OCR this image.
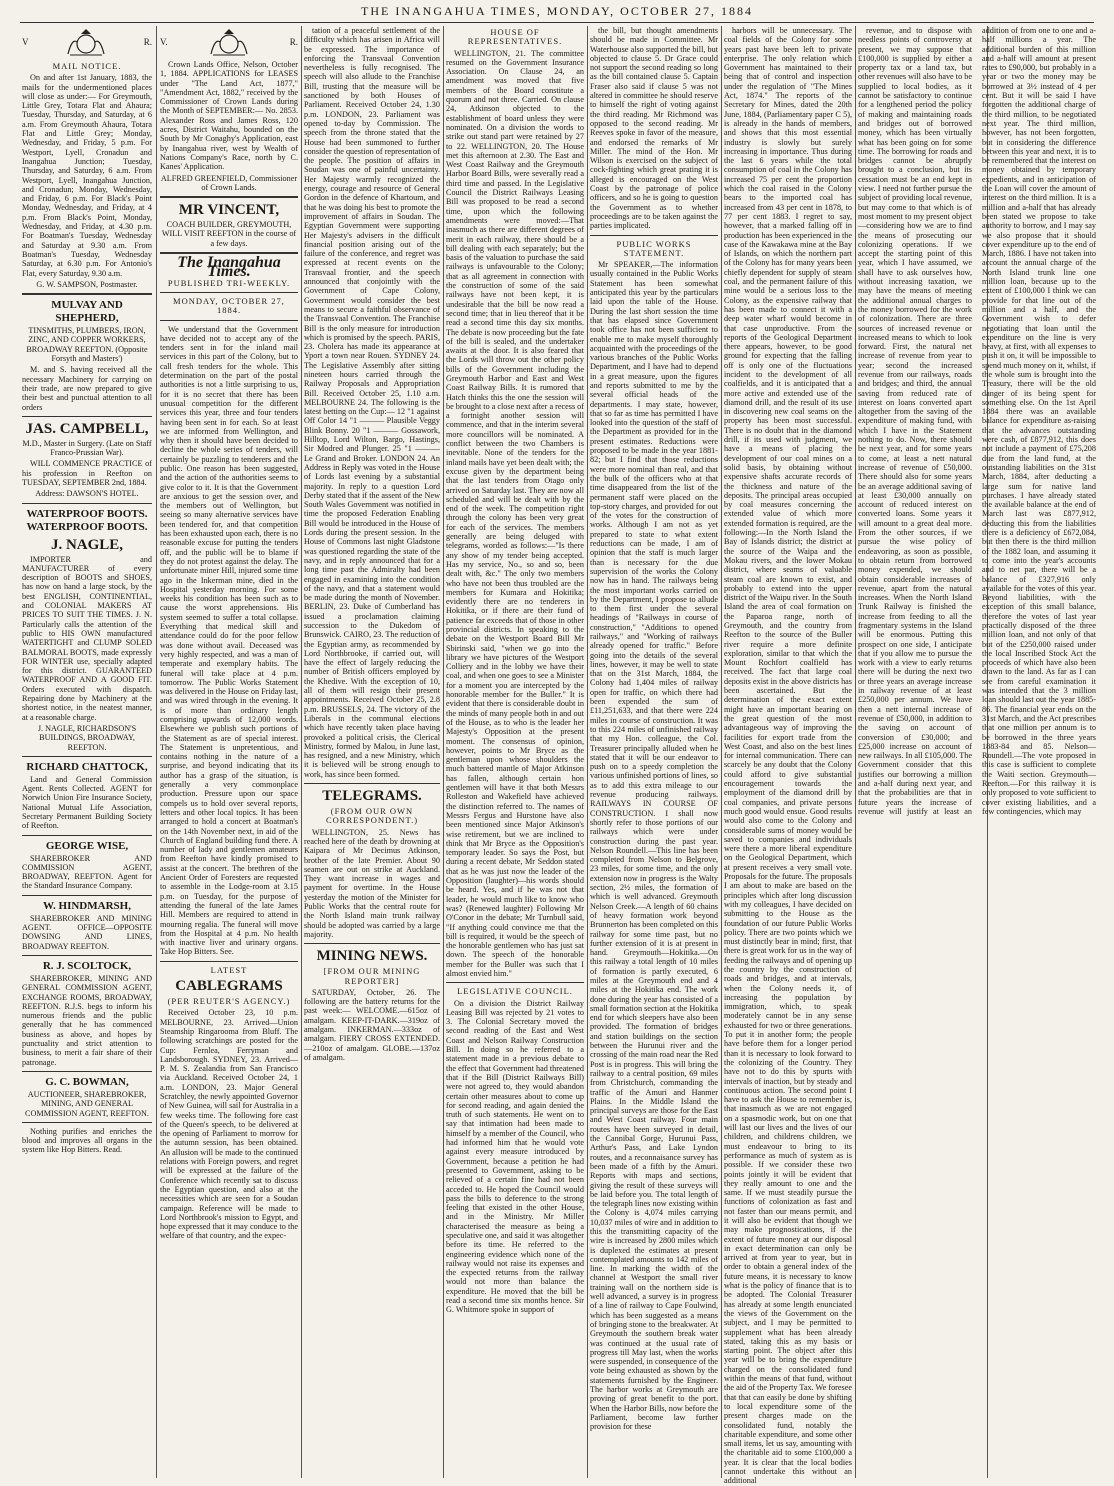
THE INANGAHUA TIMES, MONDAY, OCTOBER 27, 1884
V	R.
MAIL NOTICE.

On and after 1st January, 1883, the mails for the undermentioned places will close as under:— For Greymouth, Little Grey, Totara Flat and Ahaura; Tuesday, Thursday, and Saturday, at 6 a.m. From Greymouth Ahaura, Totara Flat and Little Grey; Monday, Wednesday, and Friday, 5 p.m. For Westport, Lyell, Cronadun and Inangahua Junction; Tuesday, Thursday, and Saturday, 6 a.m. From Westport, Lyell, Inangahua Junction, and Cronadun; Monday, Wednesday, and Friday, 6 p.m. For Black's Point Monday, Wednesday, and Friday, at 4 p.m. From Black's Point, Monday, Wednesday, and Friday, at 4.30 p.m. For Boatman's Tuesday, Wednesday and Saturday at 9.30 a.m. From Boatman's Tuesday, Wednesday Saturday, at 6.30 p.m. For Antonio's Flat, every Saturday, 9.30 a.m.

G. W. SAMPSON, Postmaster.

MULVAY AND SHEPHERD,

TINSMITHS, PLUMBERS, IRON, ZINC, AND COPPER WORKERS, BROADWAY REEFTON. (Opposite Forsyth and Masters')

M. and S. having received all the necessary Machinery for carrying on their trade, are now prepared to give their best and punctual attention to all orders

JAS. CAMPBELL,

M.D., Master in Surgery. (Late on Staff Franco-Prussian War).

WILL COMMENCE PRACTICE of his profession in Reefton on TUESDAY, SEPTEMBER 2nd, 1884.

Address: DAWSON'S HOTEL.

WATERPROOF BOOTS. WATERPROOF BOOTS.
J. NAGLE,

IMPORTER and MANUFACTURER of every description of BOOTS and SHOES, has now on hand a large stock, by the best ENGLISH, CONTINENTIAL, and COLONIAL MAKERS AT PRICES TO SUIT THE TIMES. J. N. Particularly calls the attention of the public to HIS OWN manufactured WATERTIGHT and CLUMP SOLED BALMORAL BOOTS, made expressly FOR WINTER use, specially adapted for this district. GUARANTEED WATERPROOF AND A GOOD FIT. Orders executed with dispatch. Repairing done by Machinery at the shortest notice, in the neatest manner, at a reasonable charge.

J. NAGLE, RICHARDSON'S BUILDINGS, BROADWAY, REEFTON.

RICHARD CHATTOCK,

Land and General Commission Agent. Rents Collected. AGENT for Norwich Union Fire Insurance Society, National Mutual Life Association, Secretary Permanent Building Society of Reefton.

GEORGE WISE,

SHAREBROKER AND COMMISSION AGENT, BROADWAY, REEFTON. Agent for the Standard Insurance Company.

W. HINDMARSH,

SHAREBROKER AND MINING AGENT. OFFICE—OPPOSITE DOWSING AND LINES, BROADWAY REEFTON.

R. J. SCOLTOCK,

SHAREBROKER, MINING AND GENERAL COMMISSION AGENT, EXCHANGE ROOMS, BROADWAY, REEFTON. R.J.S. begs to inform his numerous friends and the public generally that he has commenced business as above, and hopes by punctuality and strict attention to business, to merit a fair share of their patronage.

G. C. BOWMAN,

AUCTIONEER, SHAREBROKER, MINING, AND GENERAL COMMISSION AGENT, REEFTON.

Nothing purifies and enriches the blood and improves all organs in the system like Hop Bitters. Read.

V.	R.

Crown Lands Office, Nelson, October 1, 1884. APPLICATIONS for LEASES under "The Land Act, 1877," "Amendment Act, 1882," received by the Commissioner of Crown Lands during the Month of SEPTEMBER:— No. 2853. Alexander Ross and James Ross, 120 acres, District Waitahu, bounded on the South by Mr Conaghy's Application, east by Inangahua river, west by Wealth of Nations Company's Race, north by C. Kanes' Application.

ALFRED GREENFIELD, Commissioner of Crown Lands.

MR VINCENT,

COACH BUILDER, GREYMOUTH, WILL VISIT REEFTON in the course of a few days.

The Inangahua Times.
PUBLISHED TRI-WEEKLY.
MONDAY, OCTOBER 27, 1884.

We understand that the Government have decided not to accept any of the tenders sent in for the inland mail services in this part of the Colony, but to call fresh tenders for the whole. This determination on the part of the postal authorities is not a little surprising to us, for it is no secret that there has been unusual competition for the different services this year, three and four tenders having been sent in for each. So at least we are informed from Wellington, and why then it should have been decided to decline the whole series of tenders, will certainly be puzzling to tenderers and the public. One reason has been suggested, and the action of the authorities seems to give color to it. It is that the Government are anxious to get the session over, and the members out of Wellington, but seeing so many alternative services have been tendered for, and that competition has been exhausted upon each, there is no reasonable excuse for putting the tenders off, and the public will be to blame if they do not protest against the delay. The unfortunate miner Hill, injured some time ago in the Inkerman mine, died in the Hospital yesterday morning. For some weeks his condition has been such as to cause the worst apprehensions. His system seemed to suffer a total collapse. Everything that medical skill and attendance could do for the poor fellow was done without avail. Deceased was very highly respected, and was a man of temperate and exemplary habits. The funeral will take place at 4 p.m. tomorrow. The Public Works Statement was delivered in the House on Friday last, and was wired through in the evening. It is of more than ordinary length comprising upwards of 12,000 words. Elsewhere we publish such portions of the Statement as are of special interest. The Statement is unpretentious, and contains nothing in the nature of a surprise, and beyond indicating that its author has a grasp of the situation, is generally a very commonplace production. Pressure upon our space compels us to hold over several reports, letters and other local topics. It has been arranged to hold a concert at Boatman's on the 14th November next, in aid of the Church of England building fund there. A number of lady and gentlemen amateurs from Reefton have kindly promised to assist at the concert. The brethren of the Ancient Order of Foresters are requested to assemble in the Lodge-room at 3.15 p.m. on Tuesday, for the purpose of attending the funeral of the late James Hill. Members are required to attend in mourning regalia. The funeral will move from the Hospital at 4 p.m. No health with inactive liver and urinary organs. Take Hop Bitters. See.

LATEST
CABLEGRAMS
(PER REUTER'S AGENCY.)

Received October 23, 10 p.m. MELBOURNE, 23. Arrived—Union Steamship Ringarooma from Bluff. The following scratchings are posted for the Cup: Fernlea, Ferryman and Landsborough. SYDNEY, 23. Arrived—P. M. S. Zealandia from San Francisco via Auckland. Received October 24, 1 a.m. LONDON, 23. Major General Scratchley, the newly appointed Governor of New Guinea, will sail for Australia in a few weeks time. The following fore cast of the Queen's speech, to be delivered at the opening of Parliament to morrow for the autumn session, has been obtained. An allusion will be made to the continued relations with Foreign powers, and regret will be expressed at the failure of the Conference which recently sat to discuss the Egyptian question, and also at the necessities which are seen for a Soudan campaign. Reference will be made to Lord Northbrook's mission to Egypt, and hope expressed that it may conduce to the welfare of that country, and the expec-

tation of a peaceful settlement of the difficulty which has arisen in Africa will be expressed. The importance of enforcing the Transvaal Convention nevertheless is fully recognised. The speech will also allude to the Franchise Bill, trusting that the measure will be sanctioned by both Houses of Parliament. Received October 24, 1.30 p.m. LONDON, 23. Parliament was opened to-day by Commission. The speech from the throne stated that the House had been summoned to further consider the question of representation of the people. The position of affairs in Soudan was one of painful uncertainty. Her Majesty warmly recognized the energy, courage and resource of General Gordon in the defence of Khartoum, and that he was doing his best to promote the improvement of affairs in Soudan. The Egyptian Government were supporting Her Majesty's advisers in the difficult financial position arising out of the failure of the conference, and regret was expressed at recent events on the Transvaal frontier, and the speech announced that conjointly with the Government of Cape Colony, Government would consider the best means to secure a faithful observance of the Transvaal Convention. The Franchise Bill is the only measure for introduction which is promised by the speech. PARIS, 23. Cholera has made its appearance at Yport a town near Rouen. SYDNEY 24. The Legislative Assembly after sitting nineteen hours carried through the Railway Proposals and Appropriation Bill. Received October 25, 1.10 a.m. MELBOURNE 24. The following is the latest betting on the Cup:— 12 "1 against Off Color 14 "1 ——— Plausible Veggy Blink Bonny. 20 "1 ——— Gossawork, Hilltop, Lord Wilton, Bargo, Hastings, Sir Modred and Plunger. 25 "1 ——— Le Grand and Broker. LONDON 24. An Address in Reply was voted in the House of Lords last evening by a substantial majority. In reply to a question Lord Derby stated that if the assent of the New South Wales Government was notified in time the proposed Federation Enabling Bill would be introduced in the House of Lords during the present session. In the House of Commons last night Gladstone was questioned regarding the state of the navy, and in reply announced that for a long time past the Admiralty had been engaged in examining into the condition of the navy, and that a statement would be made during the month of November. BERLIN, 23. Duke of Cumberland has issued a proclamation claiming succession to the Dukedom of Brunswick. CAIRO, 23. The reduction of the Egyptian army, as recommended by Lord Northbrooke, if carried out, will have the effect of largely reducing the number of British officers employed by the Khedive. With the exception of 10, all of them will resign their present appointments. Received October 25, 2.8 p.m. BRUSSELS, 24. The victory of the Liberals in the communal elections which have recently taken place having provoked a political crisis, the Clerical Ministry, formed by Malou, in June last, has resigned, and a new Ministry, which it is believed will be strong enough to work, has since been formed.

TELEGRAMS.
(FROM OUR OWN CORRESPONDENT.)

WELLINGTON, 25. News has reached here of the death by drowning at Kaipara of Mr Decimus Atkinson, brother of the late Premier. About 90 seamen are out on strike at Auckland. They want increase in wages and payment for overtime. In the House yesterday the motion of the Minister for Public Works that the central route for the North Island main trunk railway should be adopted was carried by a large majority.

MINING NEWS.
[FROM OUR MINING REPORTER]

SATURDAY, October, 26. The following are the battery returns for the past week:— WELCOME.—615oz of amalgam. KEEP-IT-DARK.—319oz of amalgam. INKERMAN.—333oz of amalgam. FIERY CROSS EXTENDED.—210oz of amalgam. GLOBE.—137oz of amalgam.

HOUSE OF REPRESENTATIVES.

WELLINGTON, 21. The committee resumed on the Government Insurance Association. On Clause 24, an amendment was moved that five members of the Board constitute a quorum and not three. Carried. On clause 24, Atkinson objected to the establishment of board unless they were nominated. On a division the words to strike out stand part were retained by 27 to 22. WELLINGTON, 20. The House met this afternoon at 2.30. The East and West Coast Railway and the Greymouth Harbor Board Bills, were severally read a third time and passed. In the Legislative Council the District Railways Leasing Bill was proposed to be read a second time, upon which the following amendments were moved:—That inasmuch as there are different degrees of merit in each railway, there should be a bill dealing with each separately; but the basis of the valuation to purchase the said railways is unfavourable to the Colony; that as all agreement in connection with the construction of some of the said railways have not been kept, it is undesirable that the bill be now read a second time; that in lieu thereof that it be read a second time this day six months. The debate is now proceeding but the fate of the bill is sealed, and the undertaker awaits at the door. It is also feared that the Lords will throw out the other policy bills of the Government including the Greymouth Harbor and East and West Coast Railway Bills. It is rumored that Hatch thinks this the one the session will be brought to a close next after a recess of a fortnight another session will commence, and that in the interim several more councillors will be nominated. A conflict between the two Chambers is inevitable. None of the tenders for the inland mails have yet been dealt with; the excuse given by the department being that the last tenders from Otago only arrived on Saturday last. They are now all scheduled and will be dealt with by the end of the week. The competition right through the colony has been very great for each of the services. The members generally are being deluged with telegrams, worded as follows:—"Is there any show of my tender being accepted. Has my service, No., so and so, been dealt with, &c." The only two members who have not been thus troubled are the members for Kumara and Hokitika; evidently there are no tenderers in Hokitika, or if there are their fund of patience far exceeds that of those in other provincial districts. In speaking to the debate on the Westport Board Bill Mr Sbirinski said, "when we go into the library we have pictures of the Westport Colliery and in the lobby we have their coal, and when one goes to see a Minister for a moment you are intercepted by the honorable member for the Buller." It is evident that there is considerable doubt in the minds of many people both in and out of the House, as to who is the leader her Majesty's Opposition at the present moment. The consensus of opinion, however, points to Mr Bryce as the gentleman upon whose shoulders the much battered mantle of Major Atkinson has fallen, although certain hon gentlemen will have it that both Messrs Rolleston and Wakefield have achieved the distinction referred to. The names of Messrs Fergus and Hurstone have also been mentioned since Major Atkinson's wise retirement, but we are inclined to think that Mr Bryce as the Opposition's temporary leader. So says the Post, but during a recent debate, Mr Seddon stated that as he was just now the leader of the Opposition (laughter)—his words should be heard. Yes, and if he was not that leader, he would much like to know who was? (Renewed laughter) Following Mr O'Conor in the debate; Mr Turnbull said, "If anything could convince me that the bill is required, it would be the speech of the honorable gentlemen who has just sat down. The speech of the honorable member for the Buller was such that I almost envied him."

LEGISLATIVE COUNCIL.

On a division the District Railway Leasing Bill was rejected by 21 votes to 3. The Colonial Secretary moved the second reading of the East and West Coast and Nelson Railway Construction Bill. In doing so he referred to a statement made in a previous debate to the effect that Government had threatened that if the Bill (District Railways Bill) were not agreed to, they would abandon certain other measures about to come up for second reading, and again denied the truth of such statements. He went on to say that intimation had been made to himself by a member of the Council, who had informed him that he would vote against every measure introduced by Government, because a petition he had presented to Government, asking to be relieved of a certain fine had not been acceded to. He hoped the Council would pass the bills to deference to the strong feeling that existed in the other House, and in the Ministry. Mr Miller characterised the measure as being a speculative one, and said it was altogether before its time. He referred to the engineering evidence which none of the railway would not raise its expenses and the expected returns from the railway would not more than balance the expenditure. He moved that the bill be read a second time six months hence. Sir G. Whitmore spoke in support of

the bill, but thought amendments should be made in Committee. Mr Waterhouse also supported the bill, but objected to clause 5. Dr Grace could not support the second reading so long as the bill contained clause 5. Captain Fraser also said if clause 5 was not altered in committee he should reserve to himself the right of voting against the third reading. Mr Richmond was opposed to the second reading. Mr Reeves spoke in favor of the measure, and endorsed the remarks of Mr Miller. The mind of the Hon. Mr Wilson is exercised on the subject of cock-fighting which great prating it is alleged is encouraged on the West Coast by the patronage of police officers, and so he is going to question the Government as to whether proceedings are to be taken against the parties implicated.

PUBLIC WORKS STATEMENT.

Mr SPEAKER,—The information usually contained in the Public Works Statement has been somewhat anticipated this year by the particulars laid upon the table of the House. During the last short session the time that has elapsed since Government took office has not been sufficient to enable me to make myself thoroughly acquainted with the proceedings of the various branches of the Public Works Department, and I have had to depend in a great measure, upon the figures and reports submitted to me by the several official heads of the departments. I may state, however, that so far as time has permitted I have looked into the question of the staff of the Department as provided for in the present estimates. Reductions were proposed to be made in the year 1881-82; but I find that those reductions were more nominal than real, and that the bulk of the officers who at that time disappeared from the list of the permanent staff were placed on the top-story charges, and provided for out of the votes for the construction of works. Although I am not as yet prepared to state to what extent reductions can be made, I am of opinion that the staff is much larger than is necessary for the due supervision of the works the Colony now has in hand. The railways being the most important works carried on by the Department, I propose to allude to them first under the several headings of "Railways in course of construction," "Additions to opened railways," and "Working of railways already opened for traffic." Before going into the details of the several lines, however, it may be well to state that on the 31st March, 1884, the Colony had 1,404 miles of railway open for traffic, on which there had been expended the sum of £11,251,633, and that there were 224 miles in course of construction. It was to this 224 miles of unfinished railway that my Hon. colleague, the Col. Treasurer principally alluded when he stated that it will be our endeavor to push on to a speedy completion the various unfinished portions of lines, so as to add this extra mileage to our revenue producing railways. RAILWAYS IN COURSE OF CONSTRUCTION. I shall now shortly refer to those portions of our railways which were under construction during the past year. Nelson Roundell.—This line has been completed from Nelson to Belgrove, 23 miles, for some time, and the only extension now in progress is the Walty section, 2½ miles, the formation of which is well advanced. Greymouth Nelson Creek.—A length of 60 chains of heavy formation work beyond Brunnerton has been completed on this railway for some time past, but no further extension of it is at present in hand. Greymouth—Hokitika.—On this railway a total length of 10 miles of formation is partly executed, 6 miles at the Greymouth end and 4 miles at the Hokitika end. The work done during the year has consisted of a small formation section at the Hokitika end for which sleepers have also been provided. The formation of bridges and station buildings on the section between the Hurunui river and the crossing of the main road near the Red Post is in progress. This will bring the railway to a central position, 69 miles from Christchurch, commanding the traffic of the Amuri and Hanmer Plains. In the Middle Island the principal surveys are those for the East and West Coast railway. Four main routes have been surveyed in detail, the Cannibal Gorge, Hurunui Pass, Arthur's Pass, and Lake Lyndon routes, and a reconnaisance survey has been made of a fifth by the Amuri. Reports with maps and sections, giving the result of these surveys will be laid before you. The total length of the telegraph lines now existing within the Colony is 4,074 miles carrying 10,037 miles of wire and in addition to this the transmitting capacity of the wire is increased by 2800 miles which is duplexed the estimates at present contemplated amounts to 142 miles of line. In marking the width of the channel at Westport the small river training wall on the northern side is well advanced, a survey is in progress of a line of railway to Cape Foulwind, which has been suggested as a means of bringing stone to the breakwater. At Greymouth the southern break water was continued at the usual rate of progress till May last, when the works were suspended, in consequence of the vote being exhausted as shown by the statements furnished by the Engineer. The harbor works at Greymouth are proving of great benefit to the port. When the Harbor Bills, now before the Parliament, become law further provision for these

harbors will be unnecessary. The coal fields of the Colony for some years past have been left to private enterprise. The only relation which Government has maintained to their being that of control and inspection under the regulation of "The Mines Act, 1874." The reports of the Secretary for Mines, dated the 20th June, 1884, (Parliamentary paper C 5), is already in the hands of members, and shows that this most essential industry is slowly but surely increasing in importance. Thus during the last 6 years while the total consumption of coal in the Colony has increased 75 per cent the proportion which the coal raised in the Colony bears to the imported coal has increased from 43 per cent in 1878, to 77 per cent 1883. I regret to say, however, that a marked falling off in production has been experienced in the case of the Kawakawa mine at the Bay of Islands, on which the northern part of the Colony has for many years been chiefly dependent for supply of steam coal, and the permanent failure of this mine would be a serious loss to the Colony, as the expensive railway that has been made to connect it with a deep water wharf would become in that case unproductive. From the reports of the Geological Department there appears, however, to be good ground for expecting that the falling off is only one of the fluctuations incident to the development of all coalfields, and it is anticipated that a more active and extended use of the diamond drill, and the result of its use in discovering new coal seams on the property has been most successful. There is no doubt that in the diamond drill, if its used with judgment, we have a means of placing the development of our coal mines on a solid basis, by obtaining without expensive shafts accurate records of the thickness and nature of the deposits. The principal areas occupied by coal measures concerning the extended value of which more extended formation is required, are the following:—In the North Island the Bay of Islands district; the district at the source of the Waipa and the Mokau rivers, and the lower Mokau district, where seams of valuable steam coal are known to exist, and probably to extend into the upper district of the Waipu river. In the South Island the area of coal formation on the Paparoa range, north of Greymouth, and the country from Reefton to the source of the Buller river require a more definite exploration, similar to that which the Mount Rochfort coalfield has received. The fact that large coal deposits exist in the above districts has been ascertained. But the determination of the exact extent might have an important bearing on the great question of the most advantageous way of improving the facilities for export trade from the West Coast, and also on the best lines for internal communication. There can scarcely be any doubt that the Colony could afford to give substantial encouragement towards the employment of the diamond drill by coal companies, and private persons much good would ensue. Good results would also come to the Colony and considerable sums of money would be saved to companies and individuals were there a more liberal expenditure on the Geological Department, which at present receives a very small vote. Proposals for the future. The proposals I am about to make are based on the principles which after long discussion with my colleagues, I have decided on submitting to the House as the foundation of our future Public Works policy. There are two points which we must distinctly bear in mind; first, that there is great work for us in the way of feeding the railways and of opening up the country by the construction of roads and bridges, and at intervals, when the Colony needs it, of increasing the population by immigration, which, to speak moderately cannot be in any sense exhausted for two or three generations. To put it in another form; the people have before them for a longer period than it is necessary to look forward to the colonizing of the Country. They have not to do this by spurts with intervals of inaction, but by steady and continuous action. The second point I have to ask the House to remember is, that inasmuch as we are not engaged on a spasmodic work, but on one that will last our lives and the lives of our children, and childrens children, we must endeavour to bring to its performance as much of system as is possible. If we consider these two points jointly it will be evident that they really amount to one and the same. If we must steadily pursue the functions of colonization as fast and not faster than our means permit, and it will also be evident that though we may make prognostications, if the extent of future money at our disposal in exact determination can only be arrived at from year to year, but in order to obtain a general index of the future means, it is necessary to know what is the policy of finance that is to be adopted. The Colonial Treasurer has already at some length enunciated the views of the Government on the subject, and I may be permitted to supplement what has been already stated, taking this as my basis or starting point. The object after this year will be to bring the expenditure charged on the consolidated fund within the means of that fund, without the aid of the Property Tax. We foresee that that can easily be done by shifting to local expenditure some of the present charges made on the consolidated fund, notably the charitable expenditure, and some other small items, let us say, amounting with the charitable aid to some £100,000 a year. It is clear that the local bodies cannot undertake this without an additional

revenue, and to dispose with needless points of controversy at present, we may suppose that £100,000 is supplied by either a property tax or a land tax, but other revenues will also have to be supplied to local bodies, as it cannot be satisfactory to continue for a lengthened period the policy of making and maintaining roads and bridges out of borrowed money, which has been virtually what has been going on for some time. The borrowing for roads and bridges cannot be abruptly brought to a conclusion, but its cessation must be an end kept in view. I need not further pursue the subject of providing local revenue, but may come to that which is of most moment to my present object—considering how we are to find the means of prosecuting our colonizing operations. If we accept the starting point of this year, which I have assumed, we shall have to ask ourselves how, without increasing taxation, we may have the means of meeting the additional annual charges to the money borrowed for the work of colonization. There are three sources of increased revenue or increased means to which to look forward. First, the natural net increase of revenue from year to year; second the increased revenue from our railways, roads and bridges; and third, the annual saving from reduced rate of interest on loans converted apart altogether from the saving of the expenditure of making fund, with which I have in the Statement nothing to do. Now, there should be next year, and for some years to come, at least a nett natural increase of revenue of £50,000. There should also for some years be an average additional saving of at least £30,000 annually on account of reduced interest on converted loans. Some years it will amount to a great deal more. From the other sources, if we pursue the wise policy of endeavoring, as soon as possible, to obtain return from borrowed money expended, we should obtain considerable increases of revenue, apart from the natural increases. When the North Island Trunk Railway is finished the increase from feeding to all the fragmentary systems in the Island will be enormous. Putting this prospect on one side, I anticipate that if you allow me to pursue the work with a view to early returns there will be during the next two or three years an average increase in railway revenue of at least £250,000 per annum. We have then a nett internal increase of revenue of £50,000, in addition to the saving on account of conversion of £30,000; and £25,000 increase on account of new railways. In all £105,000. The Government consider that this justifies our borrowing a million and a-half during next year, and that the probabilities are that in future years the increase of revenue will justify at least an addition of from one to one and a-half millions a year. The additional burden of this million and a-half will amount at present rates to £90,000, but probably in a year or two the money may be borrowed at 3½ instead of 4 per cent. But it will be said I have forgotten the additional charge of the third million, to be negotiated next year. The third million, however, has not been forgotten, but in considering the difference between this year and next, it is to be remembered that the interest on money obtained by temporary expedients, and in anticipation of the Loan will cover the amount of interest on the third million. It is a million and a-half that has already been stated we propose to take authority to borrow, and I may say we also propose that it should cover expenditure up to the end of March, 1886. I have not taken into account the annual charge of the North Island trunk line one million loan, because up to the extent of £100,000 I think we can provide for that line out of the million and a half, and the Government wish to defer negotiating that loan until the expenditure on the line is very heavy, at first, with all expenses to push it on, it will be impossible to spend much money on it, whilst, if the whole sum is brought into the Treasury, there will be the old danger of its being spent for something else. On the 1st April 1884 there was an available balance for expenditure as-raising that the advances outstanding were cash, of £877,912, this does not include a payment of £75,208 due from the land fund, at the outstanding liabilities on the 31st March, 1884, after deducting a large sum for native land purchases. I have already stated the available balance at the end of March last was £877,912, deducting this from the liabilities there is a deficiency of £672,084, but then there is the third million of the 1882 loan, and assuming it to come into the year's accounts and to net par, there will be a balance of £327,916 only available for the votes of this year. Beyond liabilities, with the exception of this small balance, therefore the votes of last year practically disposed of the three million loan, and not only of that but of the £250,000 raised under the local Inscribed Stock Act the proceeds of which have also been drawn to the land. As far as I can see from careful examination it was intended that the 3 million loan should last out the year 1885-86. The financial year ends on the 31st March, and the Act prescribes that one million per annum is to be borrowed in the three years 1883-84 and 85. Nelson—Roundell.—The vote proposed in this case is sufficient to complete the Waiti section. Greymouth—Reefton.—For this railway it is only proposed to vote sufficient to cover existing liabilities, and a few contingencies, which may
